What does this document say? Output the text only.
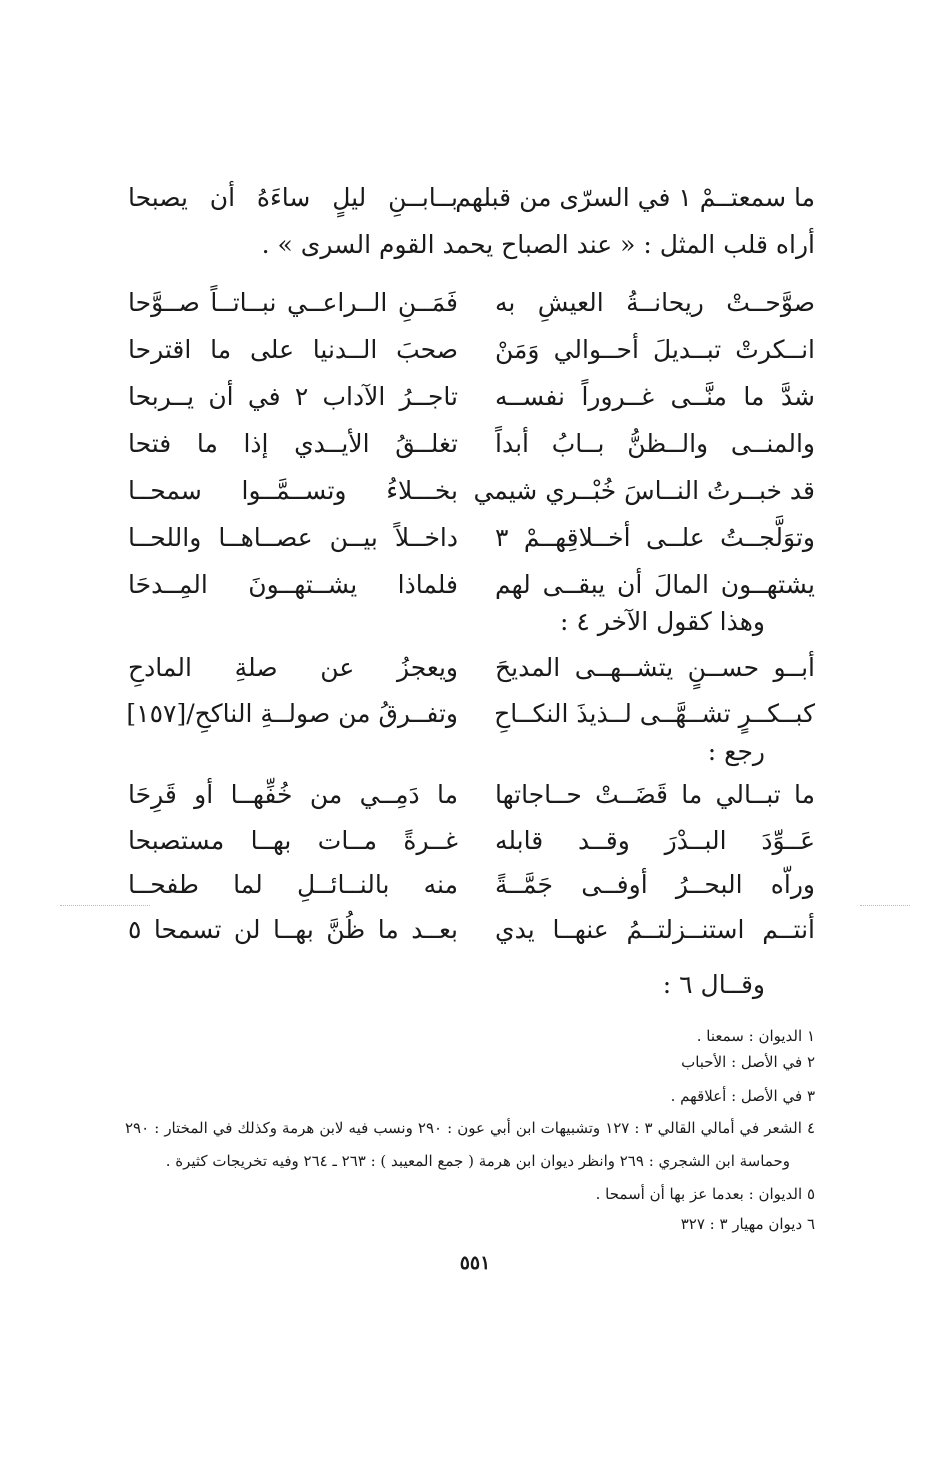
ما سمعتــمْ ١ في السرّى من قبلهم
بــابــنِ ليلٍ ساءَهُ أن يصبحا
أراه قلب المثل : « عند الصباح يحمد القوم السرى » .
صوَّحــتْ ريحانــةُ العيشِ به
فَمَــنِ الــراعــي نبــاتــاً صــوَّحا
انــكرتْ تبــديلَ أحــوالي وَمَنْ
صحبَ الــدنيا على ما اقترحا
شدَّ ما منَّــى غــروراً نفســه
تاجــرُ الآداب ٢ في أن يــربحا
والمنــى والــظنُّ بــابُ أبداً
تغلــقُ الأيــدي إذا ما فتحا
قد خبــرتُ النــاسَ خُبْــري شيمي
بخـــلاءُ وتســمَّــوا سمحــا
وتوَلَّجــتُ علــى أخــلاقِهــمْ ٣
داخــلاً بيــن عصــاهــا واللحــا
يشتهــون المالَ أن يبقــى لهم
فلماذا يشــتهــونَ المِــدحَا
وهذا كقول الآخر ٤ :
أبــو حســنٍ يتشــهــى المديحَ
ويعجزُ عن صلةِ المادحِ
كبــكــرٍ تشــهَّــى لــذيذَ النكــاحِ
وتفــرقُ من صولــةِ الناكحِ/[١٥٧]
رجع :
ما تبــالي ما قَضَــتْ حــاجاتها
ما دَمِــي من خُفِّهــا أو قَرِحَا
عَــوِّدَ البــدْرَ وقــد قابله
غــرةً مــات بهــا مستصبحا
وراّه البحــرُ أوفــى جَمَّــةً
منه بالنــائــلِ لما طفحــا
أنتــم استنــزلتــمُ عنهــا يدي
بعــد ما ظُنَّ بهــا لن تسمحا ٥
وقــال ٦ :
١ الديوان : سمعنا .
٢ في الأصل : الأحباب
٣ في الأصل : أعلاقهم .
٤ الشعر في أمالي القالي ٣ : ١٢٧ وتشبيهات ابن أبي عون : ٢٩٠ ونسب فيه لابن هرمة وكذلك في المختار : ٢٩٠
وحماسة ابن الشجري : ٢٦٩ وانظر ديوان ابن هرمة ( جمع المعيبد ) : ٢٦٣ ـ ٢٦٤ وفيه تخريجات كثيرة .
٥ الديوان : بعدما عز بها أن أسمحا .
٦ ديوان مهيار ٣ : ٣٢٧
٥٥١
